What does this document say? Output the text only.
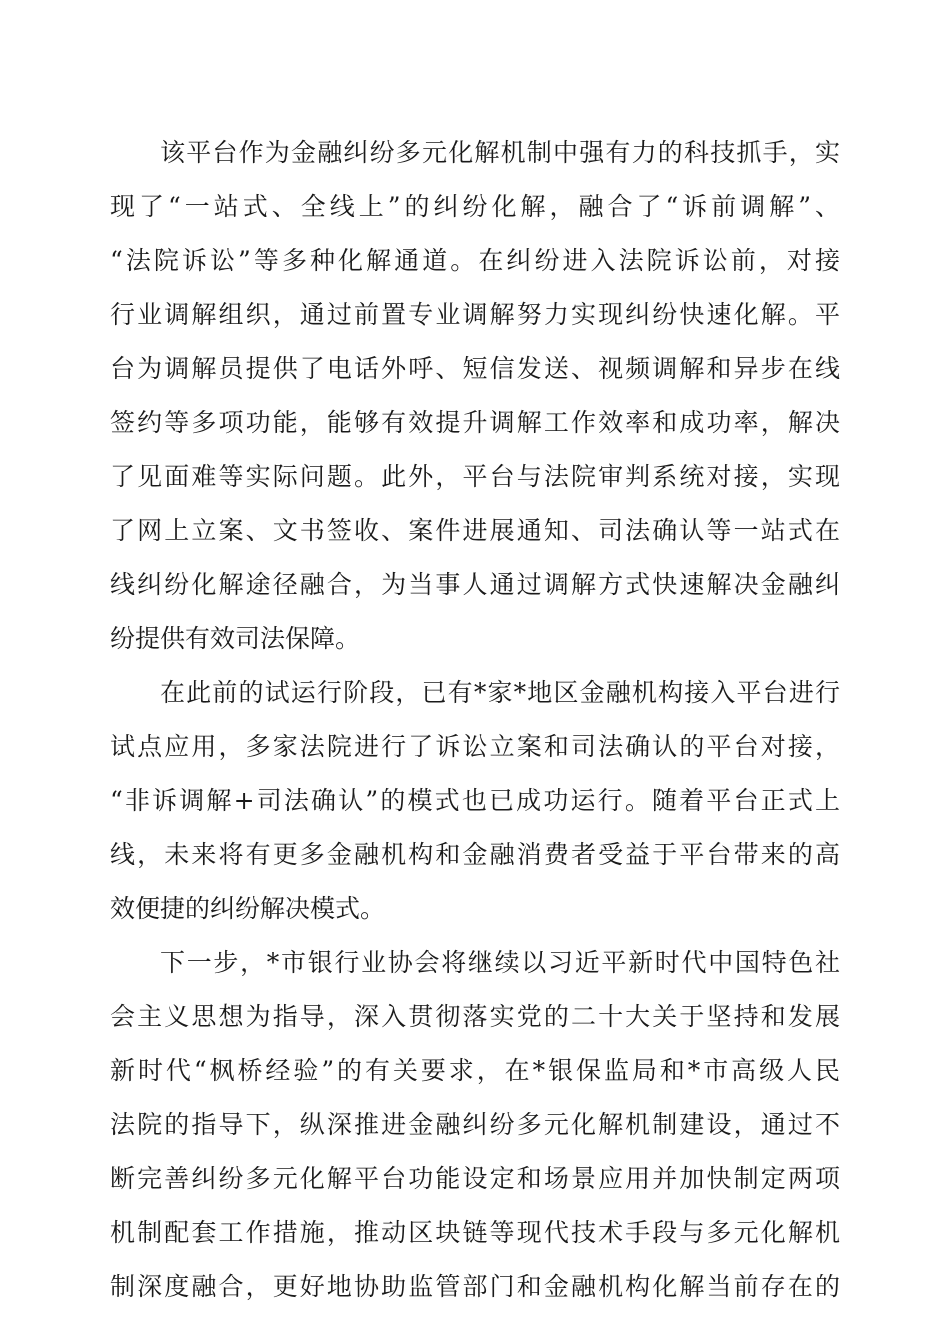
该平台作为金融纠纷多元化解机制中强有力的科技抓手，实
现了“一站式、全线上”的纠纷化解，融合了“诉前调解”、
“法院诉讼”等多种化解通道。在纠纷进入法院诉讼前，对接
行业调解组织，通过前置专业调解努力实现纠纷快速化解。平
台为调解员提供了电话外呼、短信发送、视频调解和异步在线
签约等多项功能，能够有效提升调解工作效率和成功率，解决
了见面难等实际问题。此外，平台与法院审判系统对接，实现
了网上立案、文书签收、案件进展通知、司法确认等一站式在
线纠纷化解途径融合，为当事人通过调解方式快速解决金融纠
纷提供有效司法保障。
在此前的试运行阶段，已有*家*地区金融机构接入平台进行
试点应用，多家法院进行了诉讼立案和司法确认的平台对接，
“非诉调解+司法确认”的模式也已成功运行。随着平台正式上
线，未来将有更多金融机构和金融消费者受益于平台带来的高
效便捷的纠纷解决模式。
下一步，*市银行业协会将继续以习近平新时代中国特色社
会主义思想为指导，深入贯彻落实党的二十大关于坚持和发展
新时代“枫桥经验”的有关要求，在*银保监局和*市高级人民
法院的指导下，纵深推进金融纠纷多元化解机制建设，通过不
断完善纠纷多元化解平台功能设定和场景应用并加快制定两项
机制配套工作措施，推动区块链等现代技术手段与多元化解机
制深度融合，更好地协助监管部门和金融机构化解当前存在的
